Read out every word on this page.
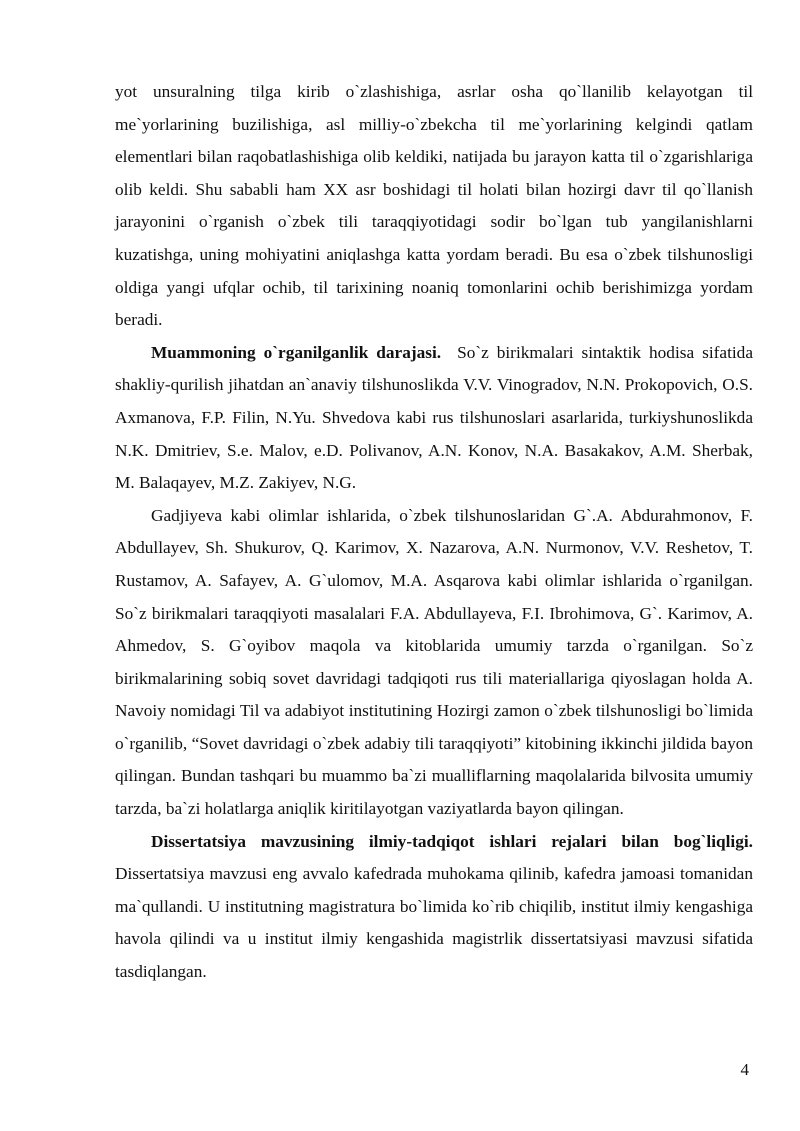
yot unsuralning tilga kirib o`zlashishiga, asrlar osha qo`llanilib kelayotgan til me`yorlarining buzilishiga, asl milliy-o`zbekcha til me`yorlarining kelgindi qatlam elementlari bilan raqobatlashishiga olib keldiki, natijada bu jarayon katta til o`zgarishlariga olib keldi. Shu sababli ham XX asr boshidagi til holati bilan hozirgi davr til qo`llanish jarayonini o`rganish o`zbek tili taraqqiyotidagi sodir bo`lgan tub yangilanishlarni kuzatishga, uning mohiyatini aniqlashga katta yordam beradi. Bu esa o`zbek tilshunosligi oldiga yangi ufqlar ochib, til tarixining noaniq tomonlarini ochib berishimizga yordam beradi.

Muammoning o`rganilganlik darajasi.  So`z birikmalari sintaktik hodisa sifatida shakliy-qurilish jihatdan an`anaviy tilshunoslikda V.V. Vinogradov, N.N. Prokopovich, O.S. Axmanova, F.P. Filin, N.Yu. Shvedova kabi rus tilshunoslari asarlarida, turkiyshunoslikda N.K. Dmitriev, S.e. Malov, e.D. Polivanov, A.N. Konov, N.A. Basakakov, A.M. Sherbak, M. Balaqayev, M.Z. Zakiyev, N.G.

Gadjiyeva kabi olimlar ishlarida, o`zbek tilshunoslaridan G`.A. Abdurahmonov, F. Abdullayev, Sh. Shukurov, Q. Karimov, X. Nazarova, A.N. Nurmonov, V.V. Reshetov, T. Rustamov, A. Safayev, A. G`ulomov, M.A. Asqarova kabi olimlar ishlarida o`rganilgan. So`z birikmalari taraqqiyoti masalalari F.A. Abdullayeva, F.I. Ibrohimova, G`. Karimov, A. Ahmedov, S. G`oyibov maqola va kitoblarida umumiy tarzda o`rganilgan. So`z birikmalarining sobiq sovet davridagi tadqiqoti rus tili materiallariga qiyoslagan holda A. Navoiy nomidagi Til va adabiyot institutining Hozirgi zamon o`zbek tilshunosligi bo`limida o`rganilib, “Sovet davridagi o`zbek adabiy tili taraqqiyoti” kitobining ikkinchi jildida bayon qilingan. Bundan tashqari bu muammo ba`zi mualliflarning maqolalarida bilvosita umumiy tarzda, ba`zi holatlarga aniqlik kiritilayotgan vaziyatlarda bayon qilingan.

Dissertatsiya mavzusining ilmiy-tadqiqot ishlari rejalari bilan bog`liqligi. Dissertatsiya mavzusi eng avvalo kafedrada muhokama qilinib, kafedra jamoasi tomanidan ma`qullandi. U institutning magistratura bo`limida ko`rib chiqilib, institut ilmiy kengashiga havola qilindi va u institut ilmiy kengashida magistrlik dissertatsiyasi mavzusi sifatida tasdiqlangan.

4
